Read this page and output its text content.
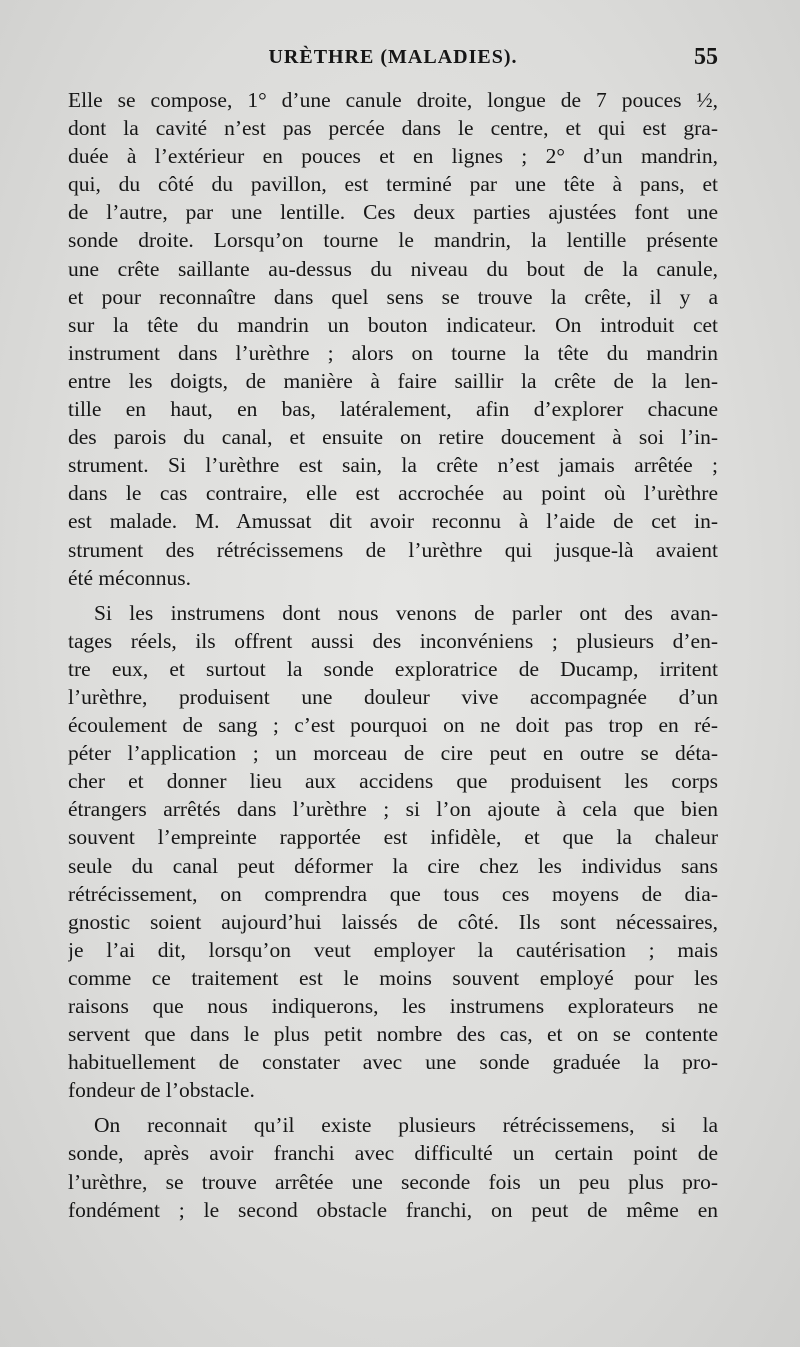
URÈTHRE (MALADIES).	55
Elle se compose, 1° d’une canule droite, longue de 7 pouces ½,
dont la cavité n’est pas percée dans le centre, et qui est gra-
duée à l’extérieur en pouces et en lignes ; 2° d’un mandrin,
qui, du côté du pavillon, est terminé par une tête à pans, et
de l’autre, par une lentille. Ces deux parties ajustées font une
sonde droite. Lorsqu’on tourne le mandrin, la lentille présente
une crête saillante au-dessus du niveau du bout de la canule,
et pour reconnaître dans quel sens se trouve la crête, il y a
sur la tête du mandrin un bouton indicateur. On introduit cet
instrument dans l’urèthre ; alors on tourne la tête du mandrin
entre les doigts, de manière à faire saillir la crête de la len-
tille en haut, en bas, latéralement, afin d’explorer chacune
des parois du canal, et ensuite on retire doucement à soi l’in-
strument. Si l’urèthre est sain, la crête n’est jamais arrêtée ;
dans le cas contraire, elle est accrochée au point où l’urèthre
est malade. M. Amussat dit avoir reconnu à l’aide de cet in-
strument des rétrécissemens de l’urèthre qui jusque-là avaient
été méconnus.
Si les instrumens dont nous venons de parler ont des avan-
tages réels, ils offrent aussi des inconvéniens ; plusieurs d’en-
tre eux, et surtout la sonde exploratrice de Ducamp, irritent
l’urèthre, produisent une douleur vive accompagnée d’un
écoulement de sang ; c’est pourquoi on ne doit pas trop en ré-
péter l’application ; un morceau de cire peut en outre se déta-
cher et donner lieu aux accidens que produisent les corps
étrangers arrêtés dans l’urèthre ; si l’on ajoute à cela que bien
souvent l’empreinte rapportée est infidèle, et que la chaleur
seule du canal peut déformer la cire chez les individus sans
rétrécissement, on comprendra que tous ces moyens de dia-
gnostic soient aujourd’hui laissés de côté. Ils sont nécessaires,
je l’ai dit, lorsqu’on veut employer la cautérisation ; mais
comme ce traitement est le moins souvent employé pour les
raisons que nous indiquerons, les instrumens explorateurs ne
servent que dans le plus petit nombre des cas, et on se contente
habituellement de constater avec une sonde graduée la pro-
fondeur de l’obstacle.
On reconnait qu’il existe plusieurs rétrécissemens, si la
sonde, après avoir franchi avec difficulté un certain point de
l’urèthre, se trouve arrêtée une seconde fois un peu plus pro-
fondément ; le second obstacle franchi, on peut de même en
